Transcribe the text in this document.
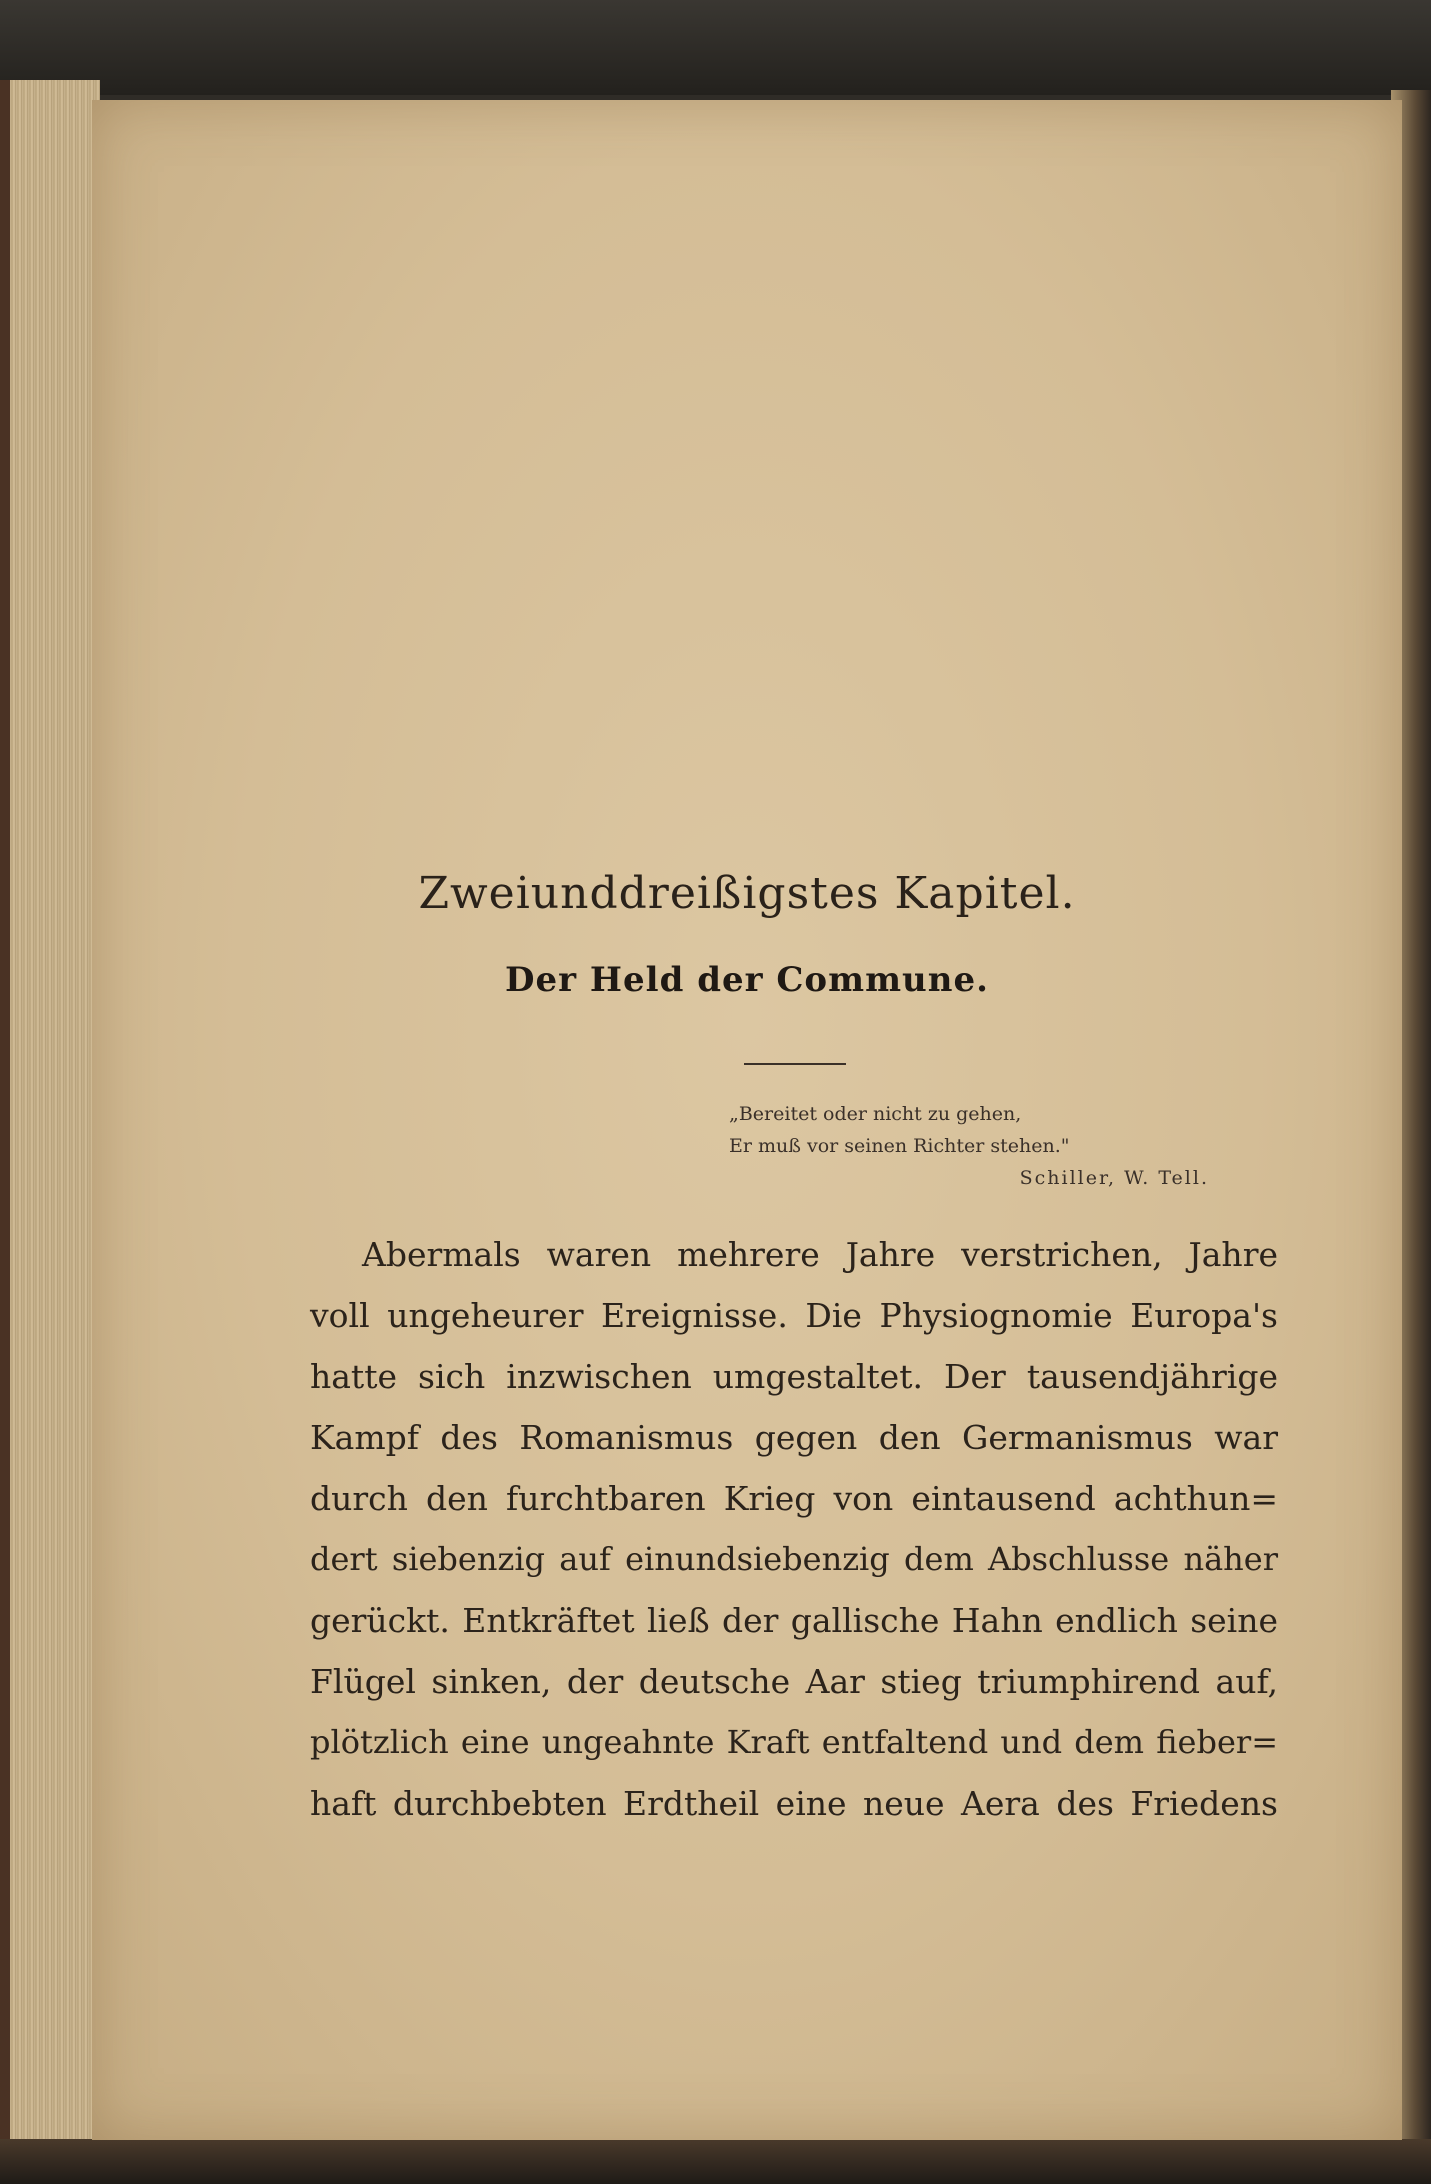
Zweiunddreißigstes Kapitel.
Der Held der Commune.
„Bereitet oder nicht zu gehen,
Er muß vor seinen Richter stehen."
Schiller, W. Tell.
Abermals waren mehrere Jahre verstrichen, Jahre
voll ungeheurer Ereignisse. Die Physiognomie Europa's
hatte sich inzwischen umgestaltet. Der tausendjährige
Kampf des Romanismus gegen den Germanismus war
durch den furchtbaren Krieg von eintausend achthun=
dert siebenzig auf einundsiebenzig dem Abschlusse näher
gerückt. Entkräftet ließ der gallische Hahn endlich seine
Flügel sinken, der deutsche Aar stieg triumphirend auf,
plötzlich eine ungeahnte Kraft entfaltend und dem fieber=
haft durchbebten Erdtheil eine neue Aera des Friedens
